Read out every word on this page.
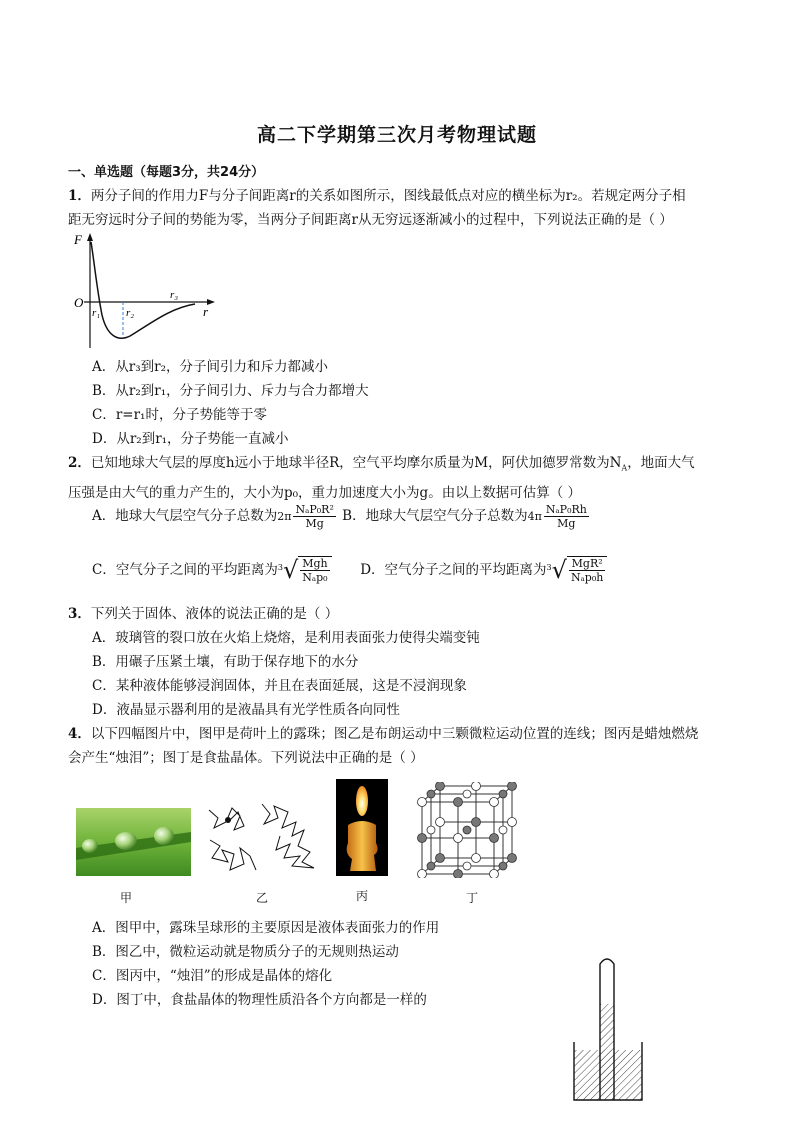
高二下学期第三次月考物理试题
一、单选题（每题3分，共24分）
1．两分子间的作用力F与分子间距离r的关系如图所示，图线最低点对应的横坐标为r₂。若规定两分子相
距无穷远时分子间的势能为零，当两分子间距离r从无穷远逐渐减小的过程中，下列说法正确的是（ ）
F
O
r
r₁ r₂
r₃
A．从r₃到r₂，分子间引力和斥力都减小
B．从r₂到r₁，分子间引力、斥力与合力都增大
C．r=r₁时，分子势能等于零
D．从r₂到r₁，分子势能一直减小
2．已知地球大气层的厚度h远小于地球半径R，空气平均摩尔质量为M，阿伏加德罗常数为$N_A$，地面大气
压强是由大气的重力产生的，大小为p₀，重力加速度大小为g。由以上数据可估算（ ）
A．地球大气层空气分子总数为$2\pi \frac{\text{NₐP₀R²}}{Mg}$ B．地球大气层空气分子总数为$4\pi \frac{\text{NₐP₀Rh}}{Mg}$
C．空气分子之间的平均距离为$^3√ \frac{\text{Mgh}}{\text{Nₐp₀}}$ D．空气分子之间的平均距离为$^3√ \frac{\text{MgR²}}{\text{Nₐp₀h}}$
3．下列关于固体、液体的说法正确的是（ ）
A．玻璃管的裂口放在火焰上烧熔，是利用表面张力使得尖端变钝
B．用碾子压紧土壤，有助于保存地下的水分
C．某种液体能够浸润固体，并且在表面延展，这是不浸润现象
D．液晶显示器利用的是液晶具有光学性质各向同性
4．以下四幅图片中，图甲是荷叶上的露珠；图乙是布朗运动中三颗微粒运动位置的连线；图丙是蜡烛燃烧
会产生“烛泪”；图丁是食盐晶体。下列说法中正确的是（ ）
甲	乙	丙	丁
A．图甲中，露珠呈球形的主要原因是液体表面张力的作用
B．图乙中，微粒运动就是物质分子的无规则热运动
C．图丙中，“烛泪”的形成是晶体的熔化
D．图丁中，食盐晶体的物理性质沿各个方向都是一样的
